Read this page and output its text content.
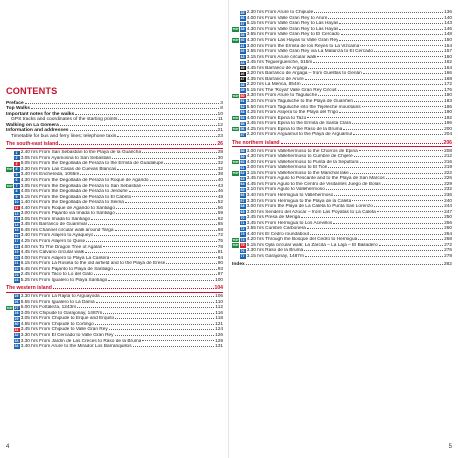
CONTENTS
Preface	3
Top Walks	8
Important notes for the walks	10
GPS tracks and coordinates of the starting points	11
Walking on La Gomera	12
Information and addresses	21
Timetable for bus and ferry lines; telephone taxis	23
The south-east island	26
1 2.40 hrs From San Sebastián to the Playa de la Guancha	28
2 3.05 hrs From Ayamosna to San Sebastián	30
3 5.05 hrs From the Degollada de Peraza to the Ermita de Guadalupe	32
TOP 4 3.30 hrs From Las Casas de Cuevas Blancas	32
5 3.40 hrs Enchereda, 1065m	38
6 4.30 hrs From the Degollada de Peraza to Roque de Agando	40
TOP 7 3.05 hrs From the Degollada de Peraza to San Sebastián	43
8 4.05 hrs From the Degollada de Peraza to Jerduñe	46
9 5.15 hrs From the Degollada de Peraza to El Cabrito	49
10 1.40 hrs From the Degollada de Peraza to Seima	52
11 4.40 hrs From Roque de Agando to Santiago	56
12 3.00 hrs From Pajarito via Imada to Santiago	59
13 3.05 hrs From Imada to Santiago	62
14 3.45 hrs Barranco de Guarimiar	65
15 6.45 hrs Channel circular walk around Targa	68
16 3.40 hrs From Alajeró to Ayaqueyó	72
17 4.25 hrs From Alajeró to Quise	75
18 4.00 hrs To The Dragon Tree of Agalán	78
19 4.45 hrs Calvario circular walk	81
20 4.00 hrs From Alajeró to Playa La Cantera	84
21 6.15 hrs From La Roseta to the old airfield and to the Playa de Erese	90
22 6.45 hrs From Pajarito to Playa de Santiago	93
23 2.45 hrs From Taco to Lo del Gato	97
24 5.25 hrs From Igualero to Playa Santiago	100
The western island	104
25 3.30 hrs From La Rajita to Arguayoda	106
26 5.55 hrs From Igualero to La Dama	110
TOP 27 5.00 hrs Fortaleza, 1243m	112
28 3.05 hrs Chipude to Garajonay, 1487m	116
29 3.05 hrs From Chipude to Erque and Erquito	118
30 4.55 hrs From Chipude to Cortingo	121
31 3.45 hrs From Chipude to Valle Gran Rey	124
32 3.30 hrs From El Cercado to Valle Gran Rey	126
33 3.30 hrs From Jardín de Las Creces to Raso de la Bruma	129
34 3.40 hrs From Arure to the Mirador Los Barranquillos	131
4
35 2.30 hrs From Arure to Chipude	136
36 4.00 hrs From Valle Gran Rey to Arure	140
37 5.15 hrs From Valle Gran Rey to Las Hayas	143
TOP 38 4.30 hrs From Valle Gran Rey to Las Hayas	146
39 3.55 hrs From Valle Gran Rey to El Cercado	148
TOP 40 4.30 hrs From Las Hayas to Valle Gran Rey	150
41 3.00 hrs From the Ermita de los Reyes to La Vizcaína	154
42 3.55 hrs From Valle Gran Rey via La Matanza to El Cercado	157
43 3.15 hrs From Arure circular walk	160
44 3.45 hrs Teguerguenche, 515m	162
45 4.45 hrs Barranco de Argaga	164
46 3.20 hrs Barranco de Argaga – from Guelltas to Gerián	166
47 4.35 hrs Barranco de Arure	168
48 2.20 hrs La Mérica, 854m	172
49 5.15 hrs The 'Royal' Valle Gran Rey Circuit	176
TOP 50 3.30 hrs From Arure to Taguluche	180
51 3.20 hrs From Taguluche to the Playa de Guariñen	183
52 5.50 hrs From Taguluche into the Tejeleche mountains	186
53 4.25 hrs From Alojera to the Playa del Trigo	190
TOP 54 4.00 hrs From Epina to Tazo	192
55 3.45 hrs From Epina to the Ermita de Santa Clara	196
TOP 56 4.25 hrs From Epina to the Raso de la Bruma	200
57 2.20 hrs From Arguamul to the Playa de Arguamul	204
The northern island	206
58 3.00 hrs From Vallehermoso to the Chorros de Epina	208
59 4.30 hrs From Vallehermoso to Cumbre de Chijeré	212
TOP 60 4.00 hrs From Vallehermoso to Punta de la Sepultura	216
61 3.00 hrs From Vallehermoso to El Tión	219
TOP 62 3.15 hrs From Vallehermoso to the Marichal lake	222
63 3.45 hrs From Agulo to Pescante and to the Playa de San Marcos	226
64 4.45 hrs From Agulo to the Centro de Visitantes Juego de Bolas	229
65 3.10 hrs From Agulo to Vallehermoso	232
66 3.40 hrs From Hermigua to Vallehermoso	236
67 3.30 hrs From Hermigua to the Playa de la Caleta	240
68 3.00 hrs From the Playa de La Caleta to Punta San Lorenzo	244
69 3.00 hrs Sendero del Azúcar – from Las Poyatas to La Caleta	247
70 3.45 hrs Presa de Meriga	250
71 3.45 hrs From Hermigua to Los Acevillos	256
72 3.55 hrs Cumbre Carbonera	260
73 4.40 hrs El Cedro roundabout	264
TOP 74 4.20 hrs Through the Bosque del Cedro to Hermigua	268
TOP 75 5.15 hrs Ojila circular walk: La Zarcita – La Laja – El Bailadero	272
76 3.30 hrs Raso de la Bruma	276
77 3.15 hrs Garajonay, 1487m	278
Index	282
5
